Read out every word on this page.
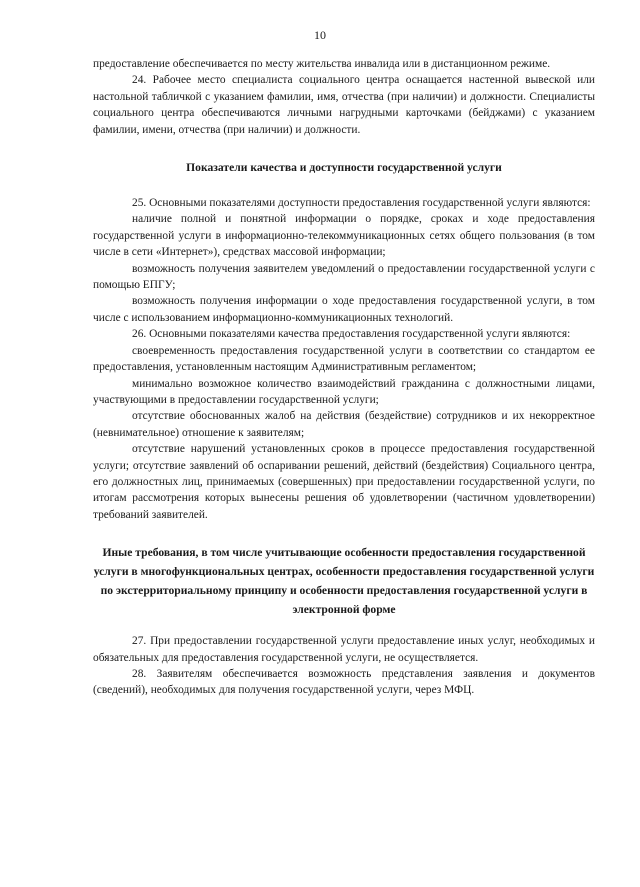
10

предоставление обеспечивается по месту жительства инвалида или в дистанционном режиме.

24. Рабочее место специалиста социального центра оснащается настенной вывеской или настольной табличкой с указанием фамилии, имя, отчества (при наличии) и должности. Специалисты социального центра обеспечиваются личными нагрудными карточками (бейджами) с указанием фамилии, имени, отчества (при наличии) и должности.

Показатели качества и доступности государственной услуги

25. Основными показателями доступности предоставления государственной услуги являются:

наличие полной и понятной информации о порядке, сроках и ходе предоставления государственной услуги в информационно-телекоммуникационных сетях общего пользования (в том числе в сети «Интернет»), средствах массовой информации;

возможность получения заявителем уведомлений о предоставлении государственной услуги с помощью ЕПГУ;

возможность получения информации о ходе предоставления государственной услуги, в том числе с использованием информационно-коммуникационных технологий.

26. Основными показателями качества предоставления государственной услуги являются:

своевременность предоставления государственной услуги в соответствии со стандартом ее предоставления, установленным настоящим Административным регламентом;

минимально возможное количество взаимодействий гражданина с должностными лицами, участвующими в предоставлении государственной услуги;

отсутствие обоснованных жалоб на действия (бездействие) сотрудников и их некорректное (невнимательное) отношение к заявителям;

отсутствие нарушений установленных сроков в процессе предоставления государственной услуги; отсутствие заявлений об оспаривании решений, действий (бездействия) Социального центра, его должностных лиц, принимаемых (совершенных) при предоставлении государственной услуги, по итогам рассмотрения которых вынесены решения об удовлетворении (частичном удовлетворении) требований заявителей.

Иные требования, в том числе учитывающие особенности предоставления государственной услуги в многофункциональных центрах, особенности предоставления государственной услуги по экстерриториальному принципу и особенности предоставления государственной услуги в электронной форме

27. При предоставлении государственной услуги предоставление иных услуг, необходимых и обязательных для предоставления государственной услуги, не осуществляется.

28. Заявителям обеспечивается возможность представления заявления и документов (сведений), необходимых для получения государственной услуги, через МФЦ.
